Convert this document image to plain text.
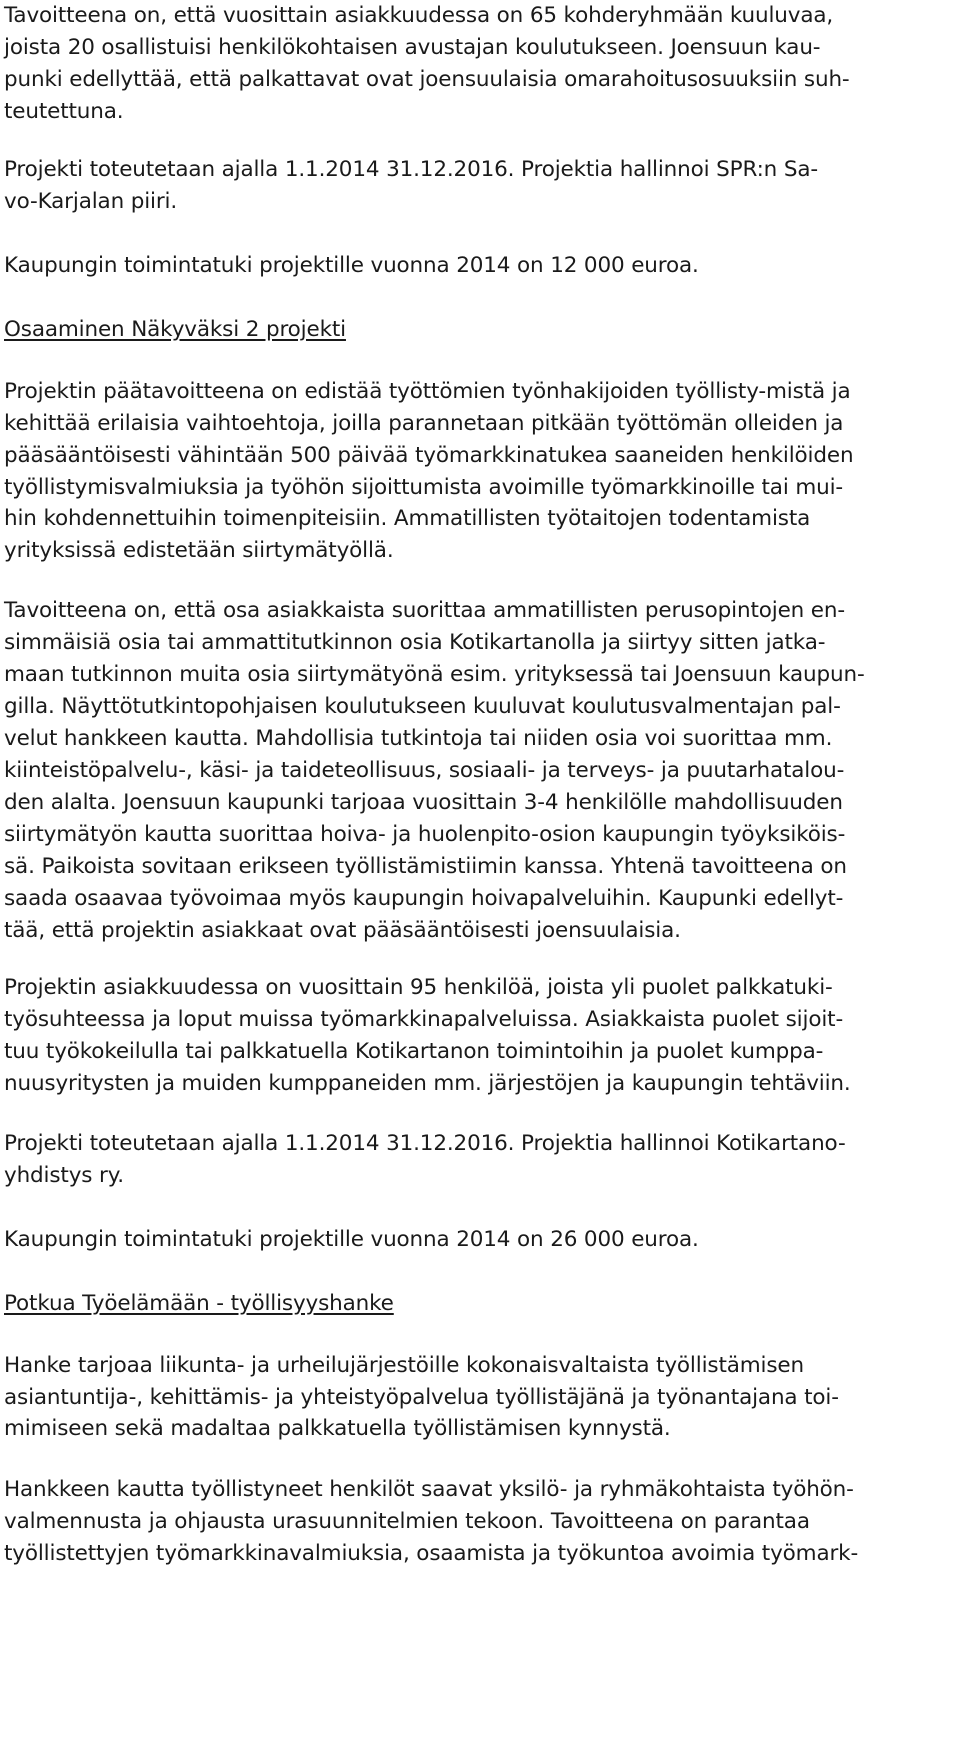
Tavoitteena on, että vuosittain asiakkuudessa on 65 kohderyhmään kuuluvaa,
joista 20 osallistuisi henkilökohtaisen avustajan koulutukseen. Joensuun kau-
punki edellyttää, että palkattavat ovat joensuulaisia omarahoitusosuuksiin suh-
teutettuna.
Projekti toteutetaan ajalla 1.1.2014 31.12.2016. Projektia hallinnoi SPR:n Sa-
vo-Karjalan piiri.
Kaupungin toimintatuki projektille vuonna 2014 on 12 000 euroa.
Osaaminen Näkyväksi 2 projekti
Projektin päätavoitteena on edistää työttömien työnhakijoiden työllisty-mistä ja
kehittää erilaisia vaihtoehtoja, joilla parannetaan pitkään työttömän olleiden ja
pääsääntöisesti vähintään 500 päivää työmarkkinatukea saaneiden henkilöiden
työllistymisvalmiuksia ja työhön sijoittumista avoimille työmarkkinoille tai mui-
hin kohdennettuihin toimenpiteisiin. Ammatillisten työtaitojen todentamista
yrityksissä edistetään siirtymätyöllä.
Tavoitteena on, että osa asiakkaista suorittaa ammatillisten perusopintojen en-
simmäisiä osia tai ammattitutkinnon osia Kotikartanolla ja siirtyy sitten jatka-
maan tutkinnon muita osia siirtymätyönä esim. yrityksessä tai Joensuun kaupun-
gilla. Näyttötutkintopohjaisen koulutukseen kuuluvat koulutusvalmentajan pal-
velut hankkeen kautta. Mahdollisia tutkintoja tai niiden osia voi suorittaa mm.
kiinteistöpalvelu-, käsi- ja taideteollisuus, sosiaali- ja terveys- ja puutarhatalou-
den alalta. Joensuun kaupunki tarjoaa vuosittain 3-4 henkilölle mahdollisuuden
siirtymätyön kautta suorittaa hoiva- ja huolenpito-osion kaupungin työyksiköis-
sä. Paikoista sovitaan erikseen työllistämistiimin kanssa. Yhtenä tavoitteena on
saada osaavaa työvoimaa myös kaupungin hoivapalveluihin. Kaupunki edellyt-
tää, että projektin asiakkaat ovat pääsääntöisesti joensuulaisia.
Projektin asiakkuudessa on vuosittain 95 henkilöä, joista yli puolet palkkatuki-
työsuhteessa ja loput muissa työmarkkinapalveluissa. Asiakkaista puolet sijoit-
tuu työkokeilulla tai palkkatuella Kotikartanon toimintoihin ja puolet kumppa-
nuusyritysten ja muiden kumppaneiden mm. järjestöjen ja kaupungin tehtäviin.
Projekti toteutetaan ajalla 1.1.2014 31.12.2016. Projektia hallinnoi Kotikartano-
yhdistys ry.
Kaupungin toimintatuki projektille vuonna 2014 on 26 000 euroa.
Potkua Työelämään - työllisyyshanke
Hanke tarjoaa liikunta- ja urheilujärjestöille kokonaisvaltaista työllistämisen
asiantuntija-, kehittämis- ja yhteistyöpalvelua työllistäjänä ja työnantajana toi-
mimiseen sekä madaltaa palkkatuella työllistämisen kynnystä.
Hankkeen kautta työllistyneet henkilöt saavat yksilö- ja ryhmäkohtaista työhön-
valmennusta ja ohjausta urasuunnitelmien tekoon. Tavoitteena on parantaa
työllistettyjen työmarkkinavalmiuksia, osaamista ja työkuntoa avoimia työmark-
